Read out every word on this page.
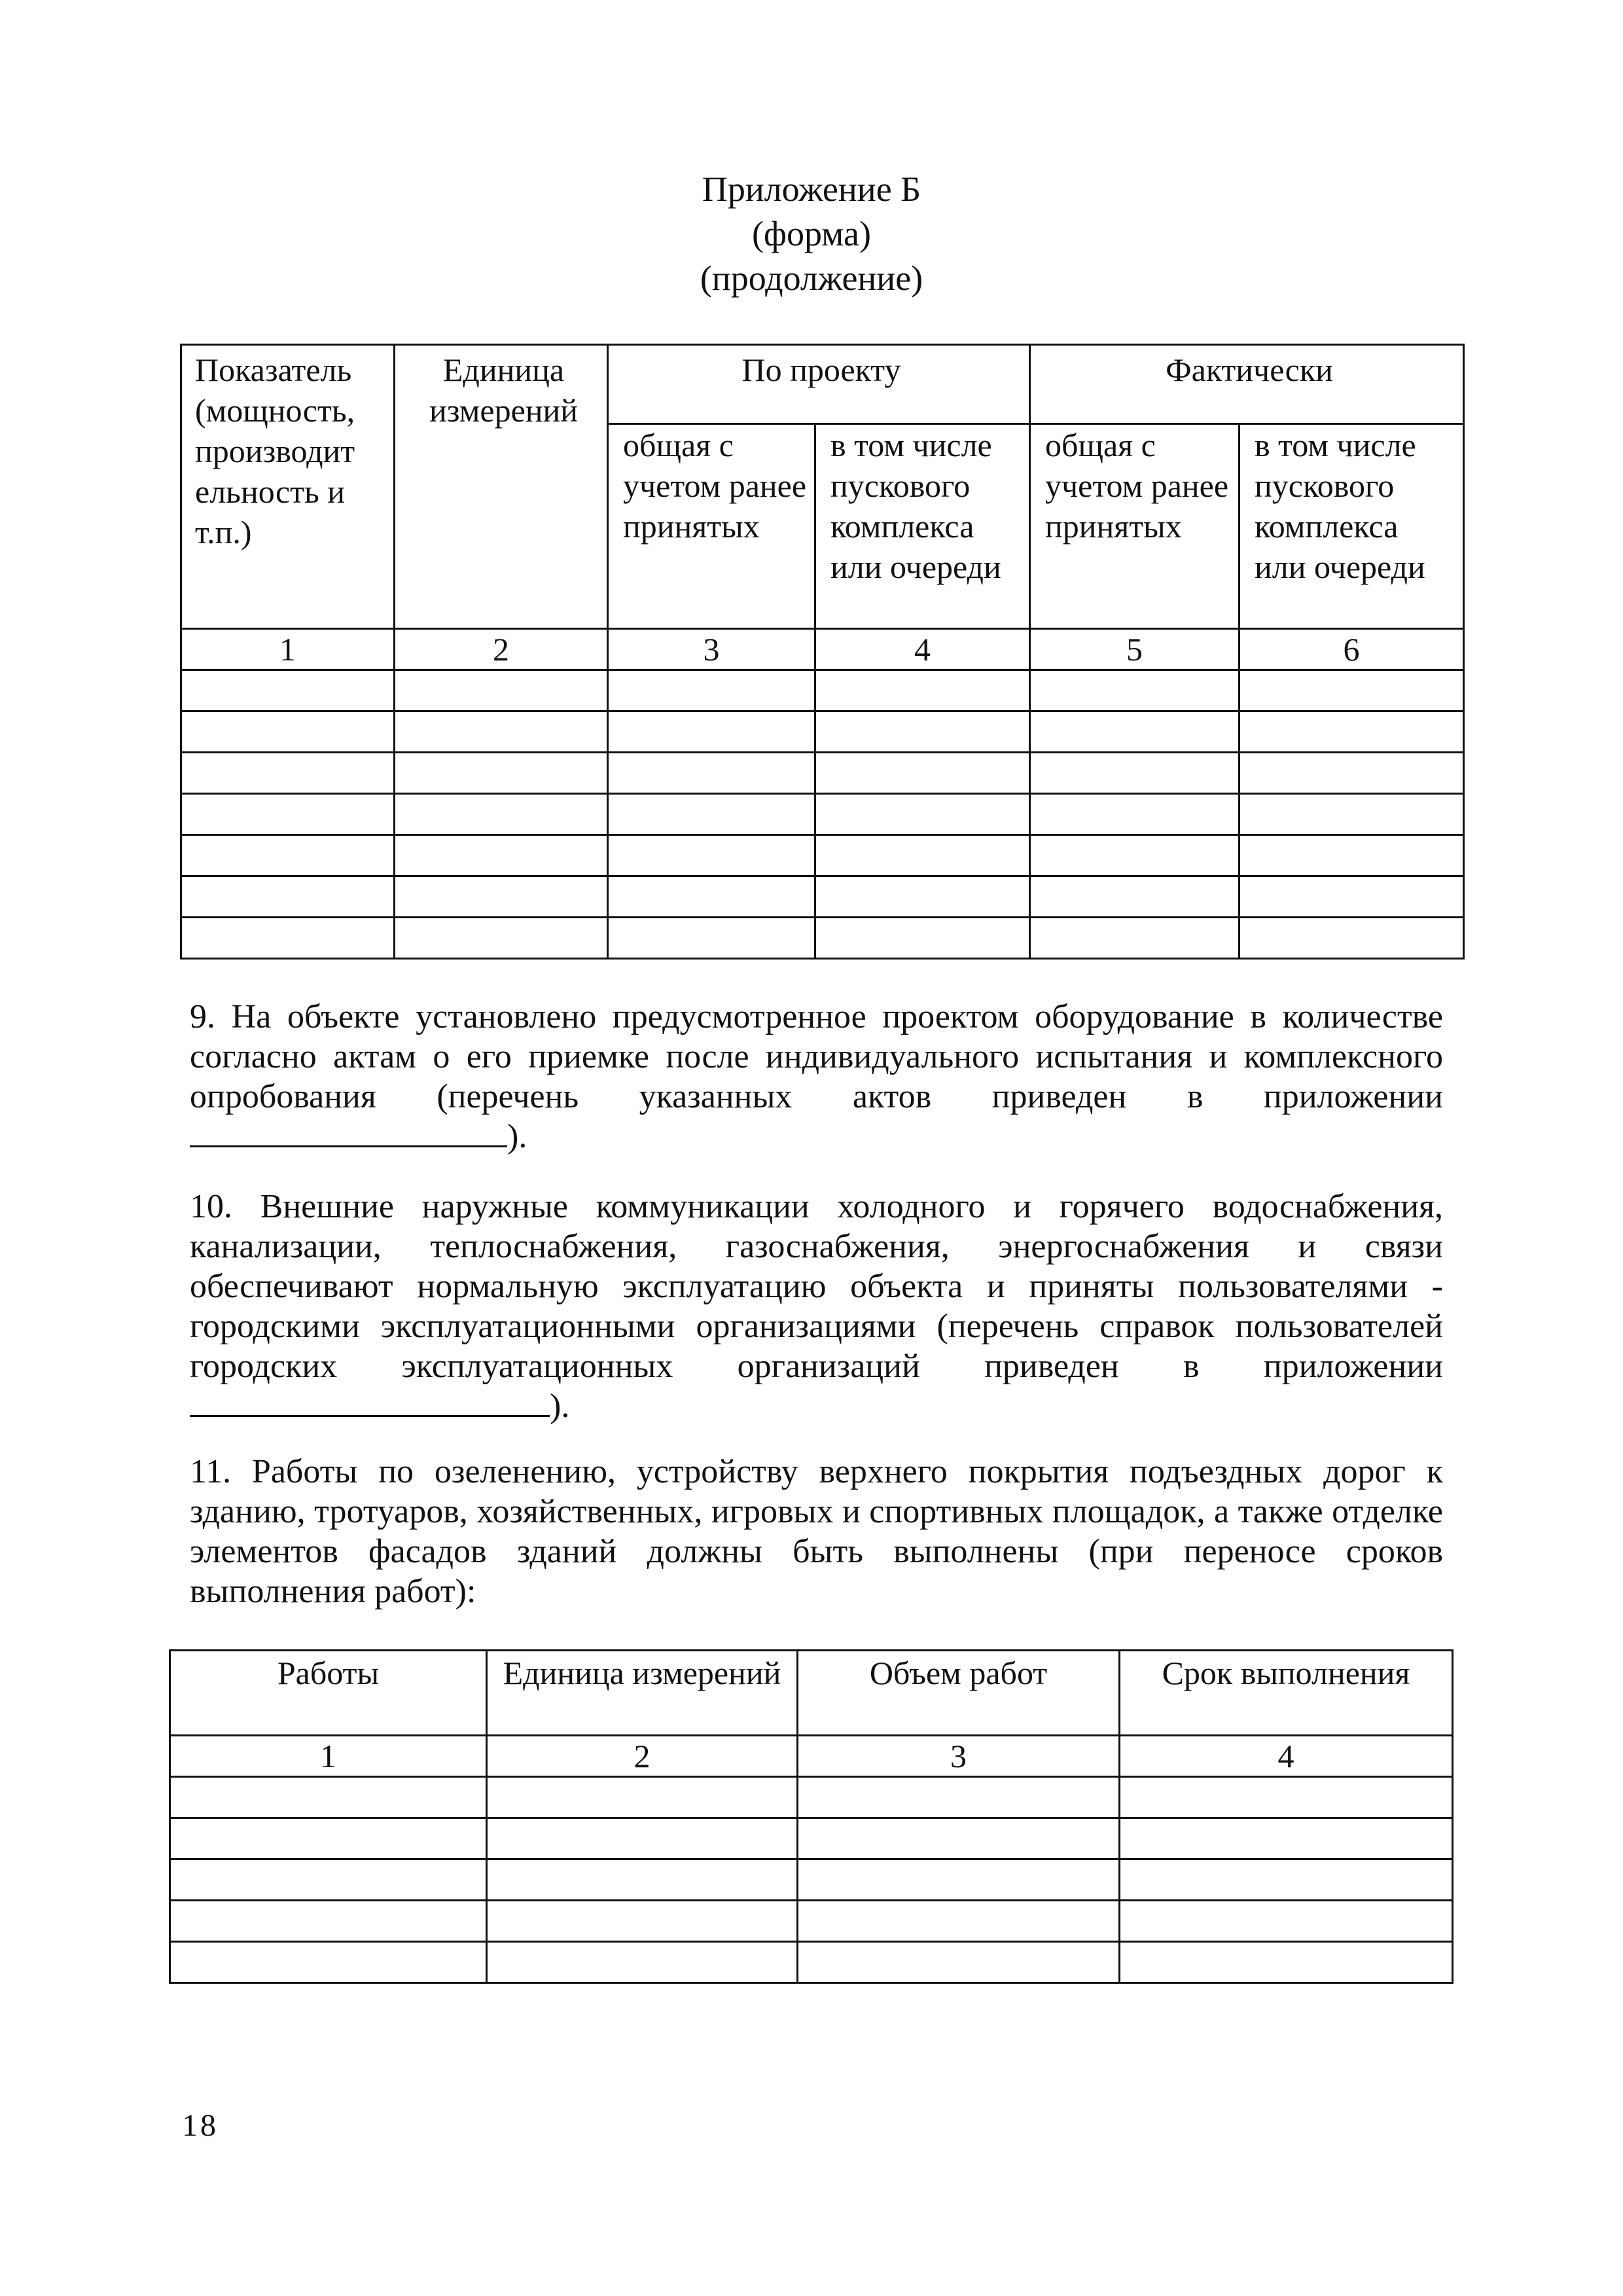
Приложение Б
(форма)
(продолжение)
Показатель (мощность, производит ельность и т.п.)	Единица измерений	По проекту		Фактически	
		общая с учетом ранее принятых	в том числе пускового комплекса или очереди	общая с учетом ранее принятых	в том числе пускового комплекса или очереди
1	2	3	4	5	6

9. На объекте установлено предусмотренное проектом оборудование в количестве согласно актам о его приемке после индивидуального испытания и комплексного опробования (перечень указанных актов приведен в приложении ).

10. Внешние наружные коммуникации холодного и горячего водоснабжения, канализации, теплоснабжения, газоснабжения, энергоснабжения и связи обеспечивают нормальную эксплуатацию объекта и приняты пользователями - городскими эксплуатационными организациями (перечень справок пользователей городских эксплуатационных организаций приведен в приложении ).

11. Работы по озеленению, устройству верхнего покрытия подъездных дорог к зданию, тротуаров, хозяйственных, игровых и спортивных площадок, а также отделке элементов фасадов зданий должны быть выполнены (при переносе сроков выполнения работ):

Работы	Единица измерений	Объем работ	Срок выполнения
1	2	3	4

18
